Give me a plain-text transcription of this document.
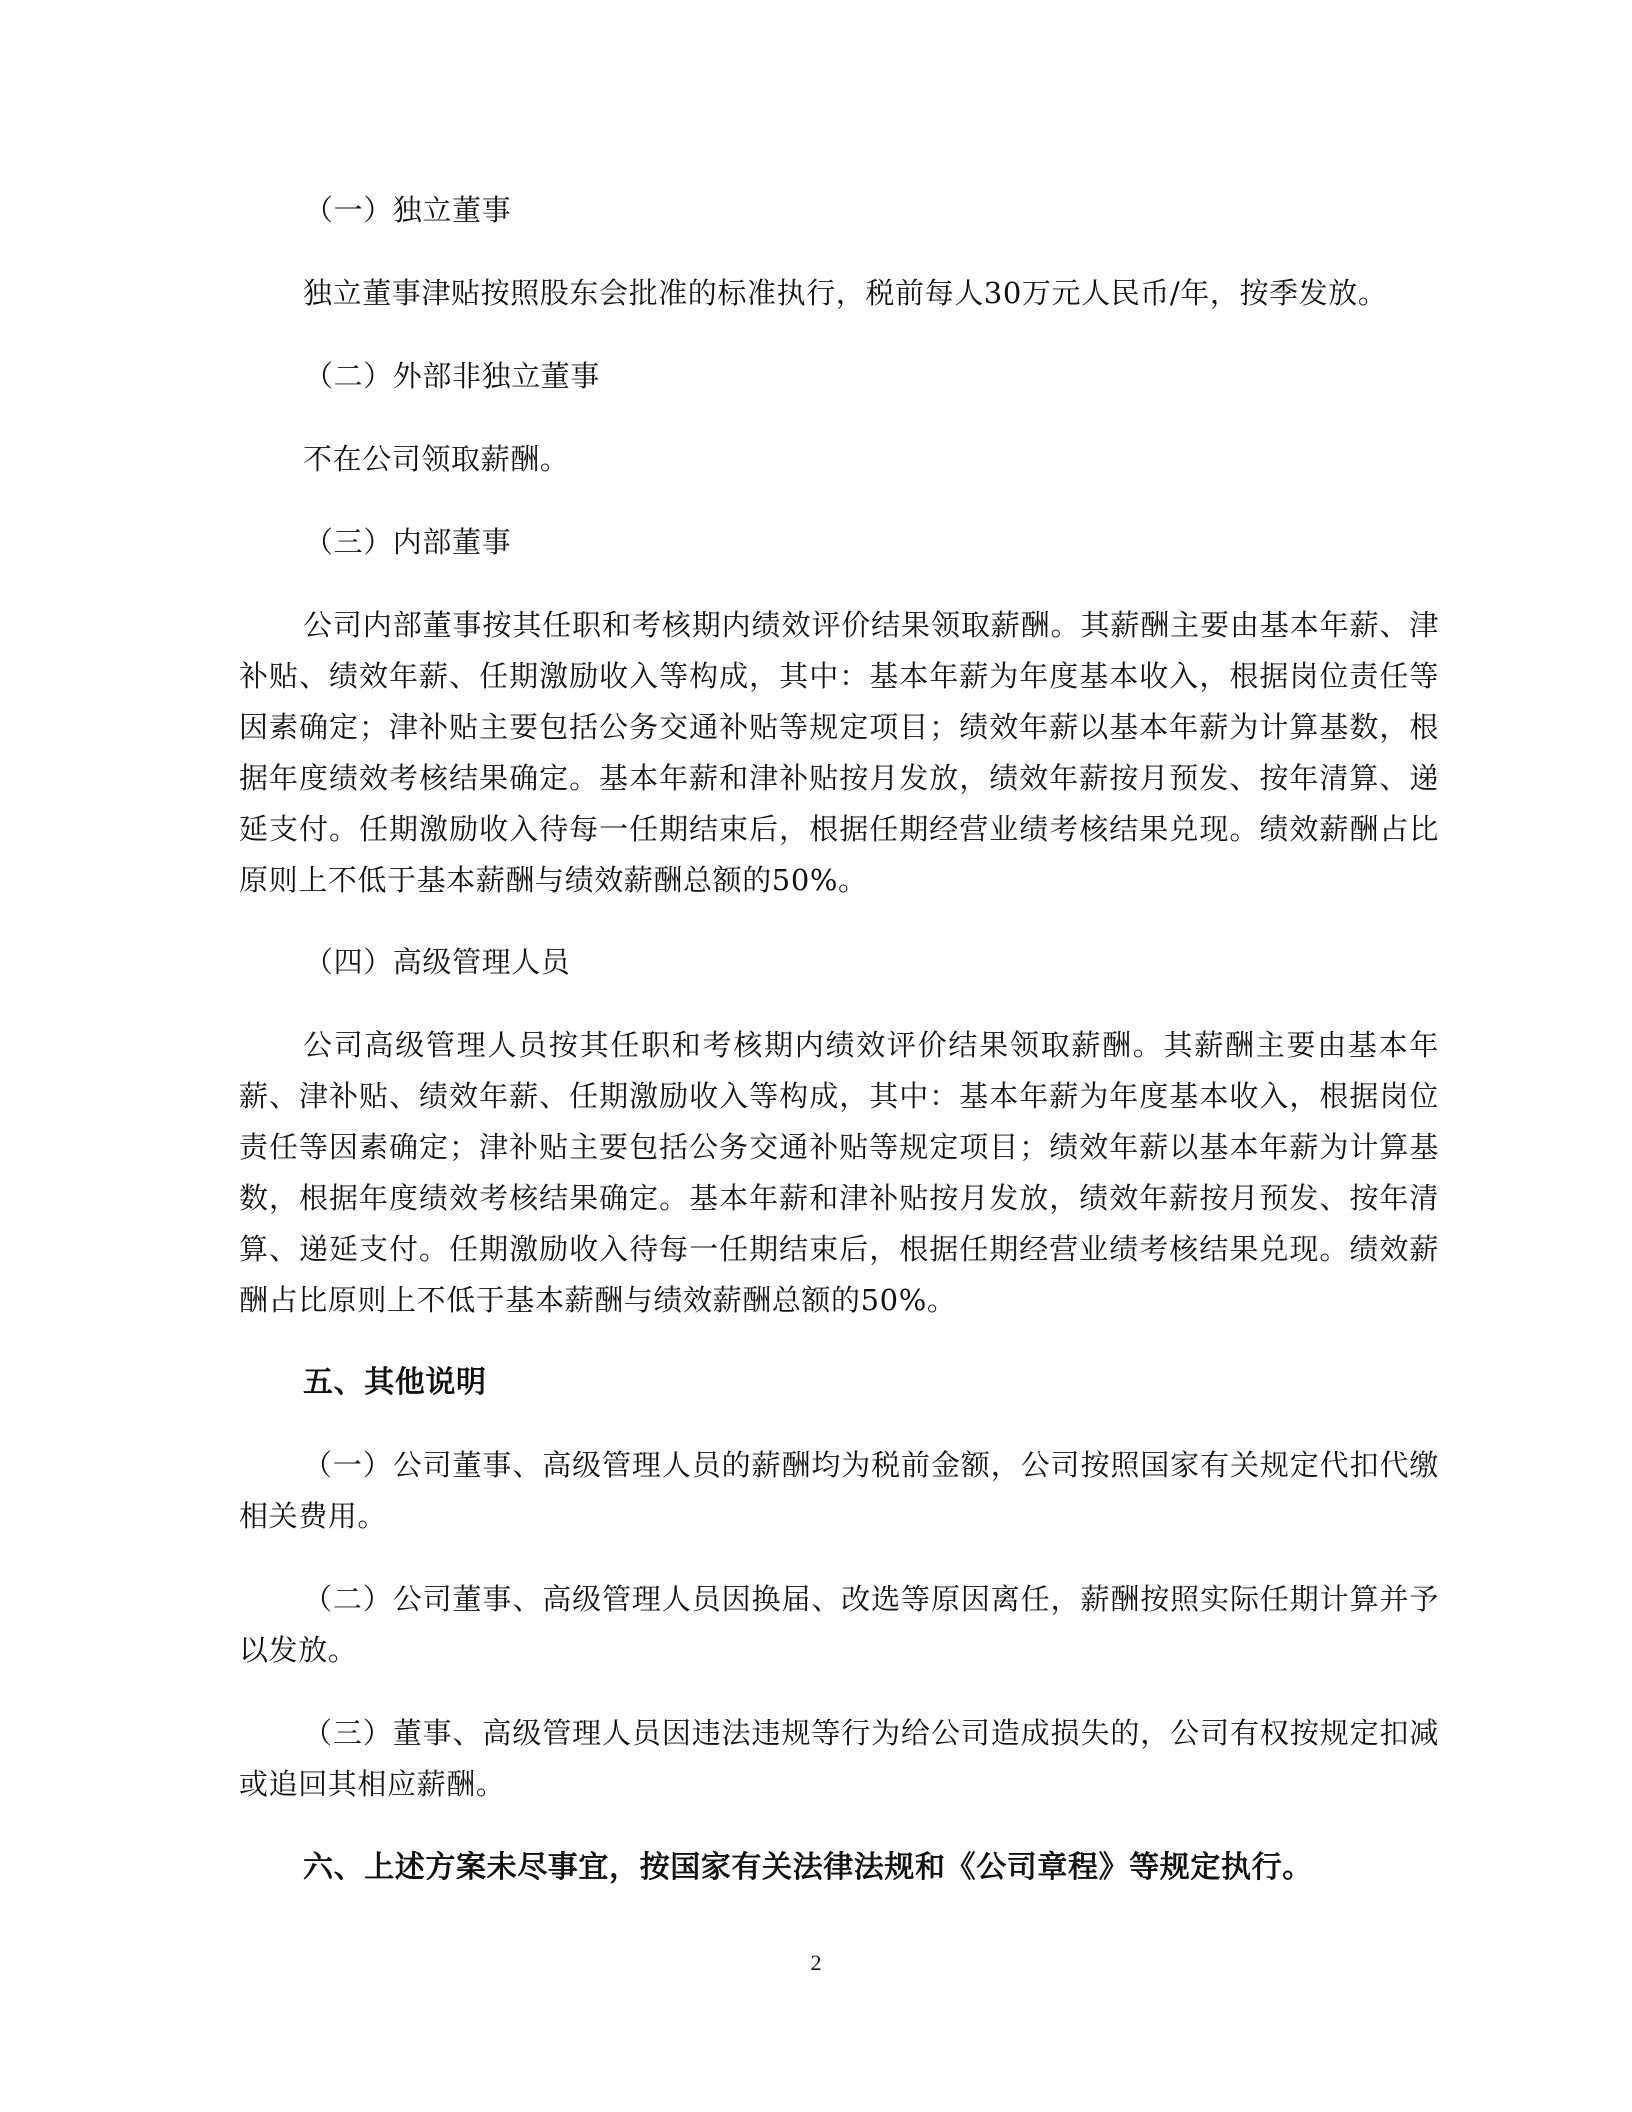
（一）独立董事

独立董事津贴按照股东会批准的标准执行，税前每人30万元人民币/年，按季发放。

（二）外部非独立董事

不在公司领取薪酬。

（三）内部董事

公司内部董事按其任职和考核期内绩效评价结果领取薪酬。其薪酬主要由基本年薪、津补贴、绩效年薪、任期激励收入等构成，其中：基本年薪为年度基本收入，根据岗位责任等因素确定；津补贴主要包括公务交通补贴等规定项目；绩效年薪以基本年薪为计算基数，根据年度绩效考核结果确定。基本年薪和津补贴按月发放，绩效年薪按月预发、按年清算、递延支付。任期激励收入待每一任期结束后，根据任期经营业绩考核结果兑现。绩效薪酬占比原则上不低于基本薪酬与绩效薪酬总额的50%。

（四）高级管理人员

公司高级管理人员按其任职和考核期内绩效评价结果领取薪酬。其薪酬主要由基本年薪、津补贴、绩效年薪、任期激励收入等构成，其中：基本年薪为年度基本收入，根据岗位责任等因素确定；津补贴主要包括公务交通补贴等规定项目；绩效年薪以基本年薪为计算基数，根据年度绩效考核结果确定。基本年薪和津补贴按月发放，绩效年薪按月预发、按年清算、递延支付。任期激励收入待每一任期结束后，根据任期经营业绩考核结果兑现。绩效薪酬占比原则上不低于基本薪酬与绩效薪酬总额的50%。

五、其他说明

（一）公司董事、高级管理人员的薪酬均为税前金额，公司按照国家有关规定代扣代缴相关费用。

（二）公司董事、高级管理人员因换届、改选等原因离任，薪酬按照实际任期计算并予以发放。

（三）董事、高级管理人员因违法违规等行为给公司造成损失的，公司有权按规定扣减或追回其相应薪酬。

六、上述方案未尽事宜，按国家有关法律法规和《公司章程》等规定执行。

2
